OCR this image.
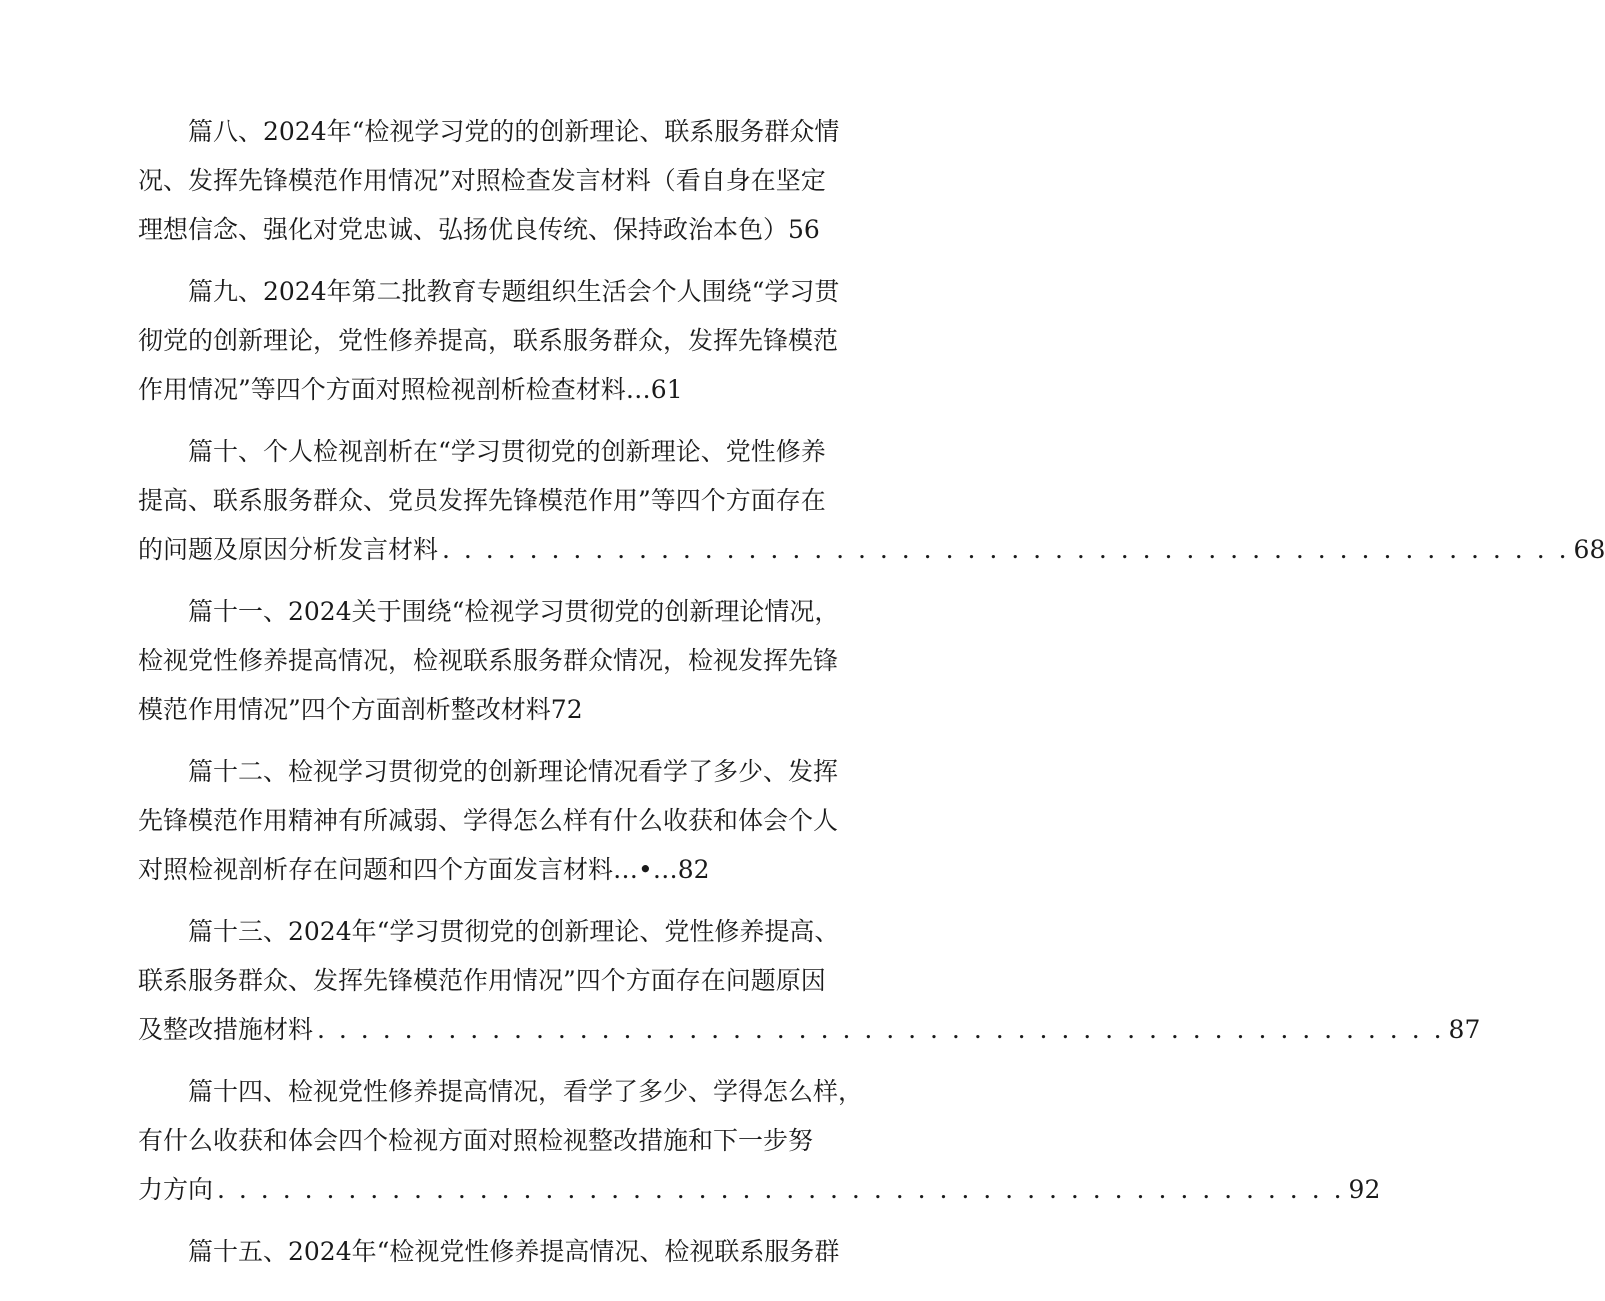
篇八、2024年“检视学习党的的创新理论、联系服务群众情
况、发挥先锋模范作用情况”对照检查发言材料（看自身在坚定
理想信念、强化对党忠诚、弘扬优良传统、保持政治本色）56
篇九、2024年第二批教育专题组织生活会个人围绕“学习贯
彻党的创新理论，党性修养提高，联系服务群众，发挥先锋模范
作用情况”等四个方面对照检视剖析检查材料…61
篇十、个人检视剖析在“学习贯彻党的创新理论、党性修养
提高、联系服务群众、党员发挥先锋模范作用”等四个方面存在
的问题及原因分析发言材料 . . . . . . . . . . . . . . . . . . . . . . . . . . . . . . . . . . . . . . . . . . . . . . . . . . . . 68
篇十一、2024关于围绕“检视学习贯彻党的创新理论情况，
检视党性修养提高情况，检视联系服务群众情况，检视发挥先锋
模范作用情况”四个方面剖析整改材料72
篇十二、检视学习贯彻党的创新理论情况看学了多少、发挥
先锋模范作用精神有所减弱、学得怎么样有什么收获和体会个人
对照检视剖析存在问题和四个方面发言材料…•…82
篇十三、2024年“学习贯彻党的创新理论、党性修养提高、
联系服务群众、发挥先锋模范作用情况”四个方面存在问题原因
及整改措施材料 . . . . . . . . . . . . . . . . . . . . . . . . . . . . . . . . . . . . . . . . . . . . . . . . . . . . 87
篇十四、检视党性修养提高情况，看学了多少、学得怎么样，
有什么收获和体会四个检视方面对照检视整改措施和下一步努
力方向 . . . . . . . . . . . . . . . . . . . . . . . . . . . . . . . . . . . . . . . . . . . . . . . . . . . . 92
篇十五、2024年“检视党性修养提高情况、检视联系服务群
